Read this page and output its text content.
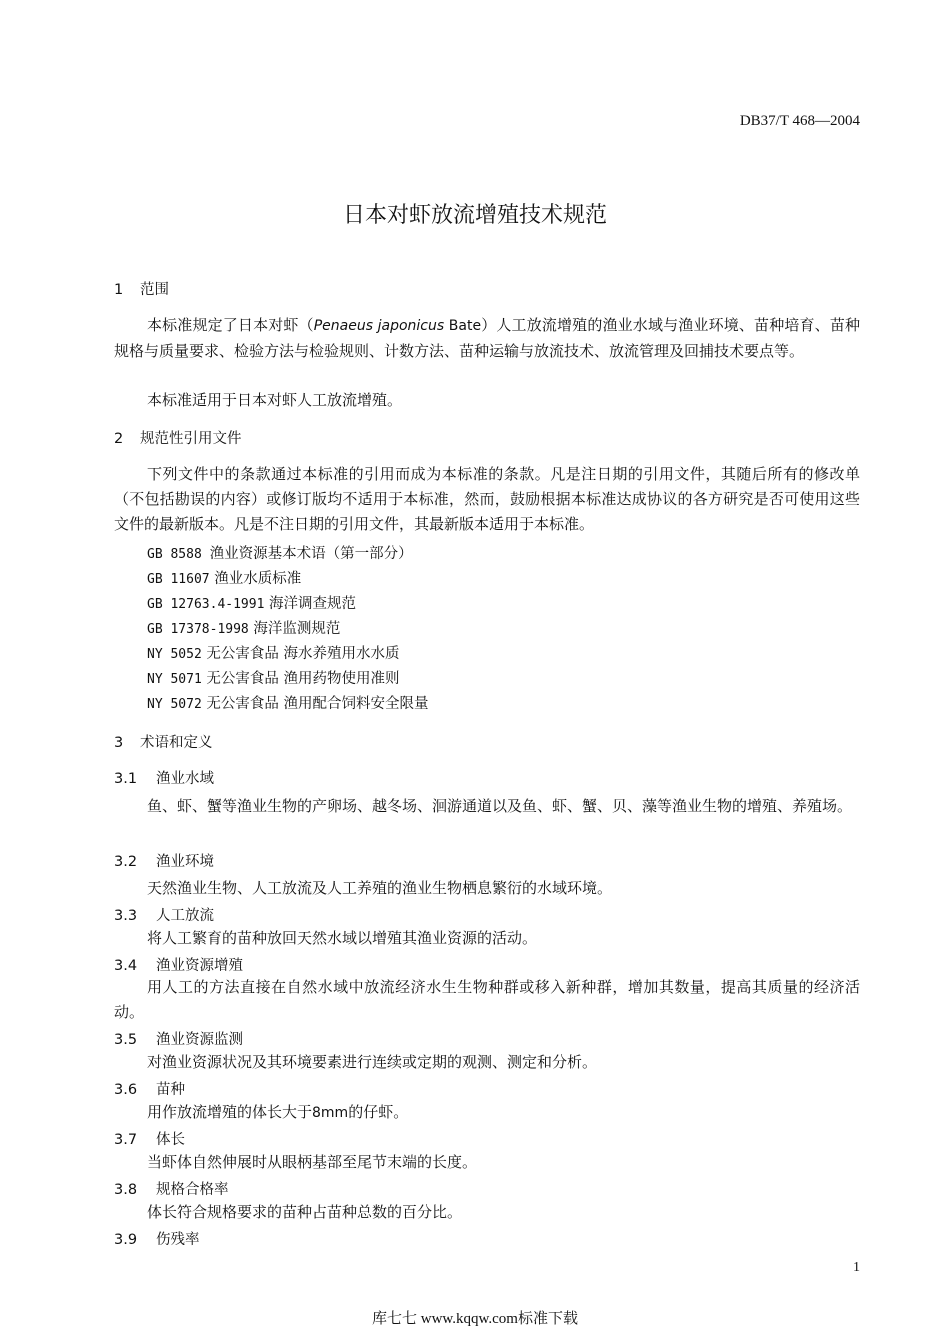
DB37/T 468—2004
日本对虾放流增殖技术规范
1 范围
本标准规定了日本对虾（Penaeus japonicus Bate）人工放流增殖的渔业水域与渔业环境、苗种培育、苗种规格与质量要求、检验方法与检验规则、计数方法、苗种运输与放流技术、放流管理及回捕技术要点等。
本标准适用于日本对虾人工放流增殖。
2 规范性引用文件
下列文件中的条款通过本标准的引用而成为本标准的条款。凡是注日期的引用文件，其随后所有的修改单（不包括勘误的内容）或修订版均不适用于本标准，然而，鼓励根据本标准达成协议的各方研究是否可使用这些文件的最新版本。凡是不注日期的引用文件，其最新版本适用于本标准。
GB 8588 渔业资源基本术语（第一部分）
GB 11607 渔业水质标准
GB 12763.4-1991 海洋调查规范
GB 17378-1998 海洋监测规范
NY 5052 无公害食品 海水养殖用水水质
NY 5071 无公害食品 渔用药物使用准则
NY 5072 无公害食品 渔用配合饲料安全限量
3 术语和定义
3.1 渔业水域
鱼、虾、蟹等渔业生物的产卵场、越冬场、洄游通道以及鱼、虾、蟹、贝、藻等渔业生物的增殖、养殖场。
3.2 渔业环境
天然渔业生物、人工放流及人工养殖的渔业生物栖息繁衍的水域环境。
3.3 人工放流
将人工繁育的苗种放回天然水域以增殖其渔业资源的活动。
3.4 渔业资源增殖
用人工的方法直接在自然水域中放流经济水生生物种群或移入新种群，增加其数量，提高其质量的经济活动。
3.5 渔业资源监测
对渔业资源状况及其环境要素进行连续或定期的观测、测定和分析。
3.6 苗种
用作放流增殖的体长大于8mm的仔虾。
3.7 体长
当虾体自然伸展时从眼柄基部至尾节末端的长度。
3.8 规格合格率
体长符合规格要求的苗种占苗种总数的百分比。
3.9 伤残率
1
库七七 www.kqqw.com标准下载
